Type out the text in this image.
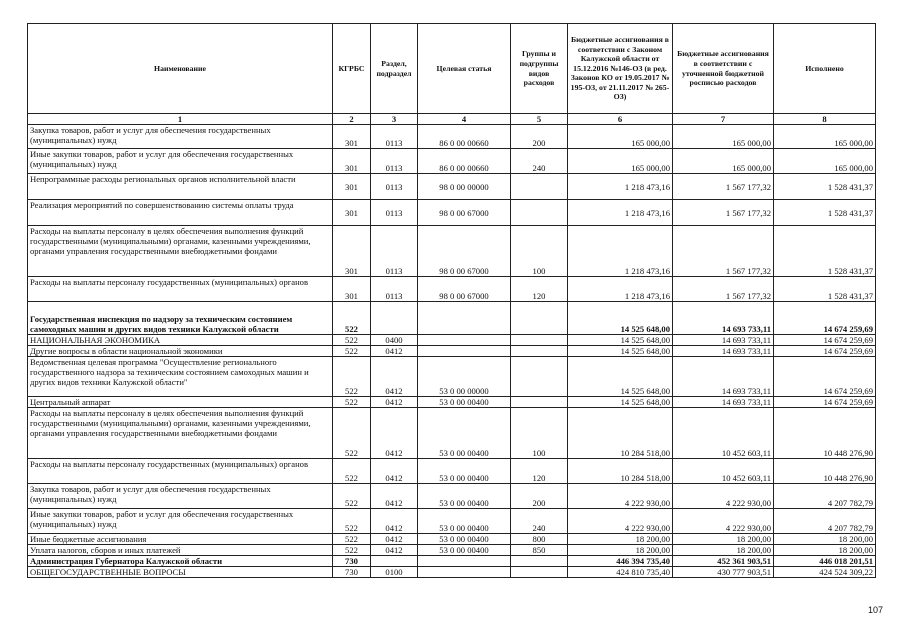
Наименование	КГРБС	Раздел, подраздел	Целевая статья	Группы и подгруппы видов расходов	Бюджетные ассигнования в соответствии с Законом Калужской области от 15.12.2016 №146-ОЗ (в ред. Законов КО от 19.05.2017 № 195-ОЗ, от 21.11.2017 № 265-ОЗ)	Бюджетные ассигнования в соответствии с уточненной бюджетной росписью расходов	Исполнено
1	2	3	4	5	6	7	8
Закупка товаров, работ и услуг для обеспечения государственных (муниципальных) нужд	301	0113	86 0 00 00660	200	165 000,00	165 000,00	165 000,00
Иные закупки товаров, работ и услуг для обеспечения государственных (муниципальных) нужд	301	0113	86 0 00 00660	240	165 000,00	165 000,00	165 000,00
Непрограммные расходы региональных органов исполнительной власти	301	0113	98 0 00 00000		1 218 473,16	1 567 177,32	1 528 431,37
Реализация мероприятий по совершенствованию системы оплаты труда	301	0113	98 0 00 67000		1 218 473,16	1 567 177,32	1 528 431,37
Расходы на выплаты персоналу в целях обеспечения выполнения функций государственными (муниципальными) органами, казенными учреждениями, органами управления государственными внебюджетными фондами	301	0113	98 0 00 67000	100	1 218 473,16	1 567 177,32	1 528 431,37
Расходы на выплаты персоналу государственных (муниципальных) органов	301	0113	98 0 00 67000	120	1 218 473,16	1 567 177,32	1 528 431,37
Государственная инспекция по надзору за техническим состоянием самоходных машин и других видов техники Калужской области	522				14 525 648,00	14 693 733,11	14 674 259,69
НАЦИОНАЛЬНАЯ ЭКОНОМИКА	522	0400			14 525 648,00	14 693 733,11	14 674 259,69
Другие вопросы в области национальной экономики	522	0412			14 525 648,00	14 693 733,11	14 674 259,69
Ведомственная целевая программа "Осуществление регионального государственного надзора за техническим состоянием самоходных машин и других видов техники Калужской области"	522	0412	53 0 00 00000		14 525 648,00	14 693 733,11	14 674 259,69
Центральный аппарат	522	0412	53 0 00 00400		14 525 648,00	14 693 733,11	14 674 259,69
Расходы на выплаты персоналу в целях обеспечения выполнения функций государственными (муниципальными) органами, казенными учреждениями, органами управления государственными внебюджетными фондами	522	0412	53 0 00 00400	100	10 284 518,00	10 452 603,11	10 448 276,90
Расходы на выплаты персоналу государственных (муниципальных) органов	522	0412	53 0 00 00400	120	10 284 518,00	10 452 603,11	10 448 276,90
Закупка товаров, работ и услуг для обеспечения государственных (муниципальных) нужд	522	0412	53 0 00 00400	200	4 222 930,00	4 222 930,00	4 207 782,79
Иные закупки товаров, работ и услуг для обеспечения государственных (муниципальных) нужд	522	0412	53 0 00 00400	240	4 222 930,00	4 222 930,00	4 207 782,79
Иные бюджетные ассигнования	522	0412	53 0 00 00400	800	18 200,00	18 200,00	18 200,00
Уплата налогов, сборов и иных платежей	522	0412	53 0 00 00400	850	18 200,00	18 200,00	18 200,00
Администрация Губернатора Калужской области	730				446 394 735,40	452 361 903,51	446 018 201,51
ОБЩЕГОСУДАРСТВЕННЫЕ ВОПРОСЫ	730	0100			424 810 735,40	430 777 903,51	424 524 309,22
107
